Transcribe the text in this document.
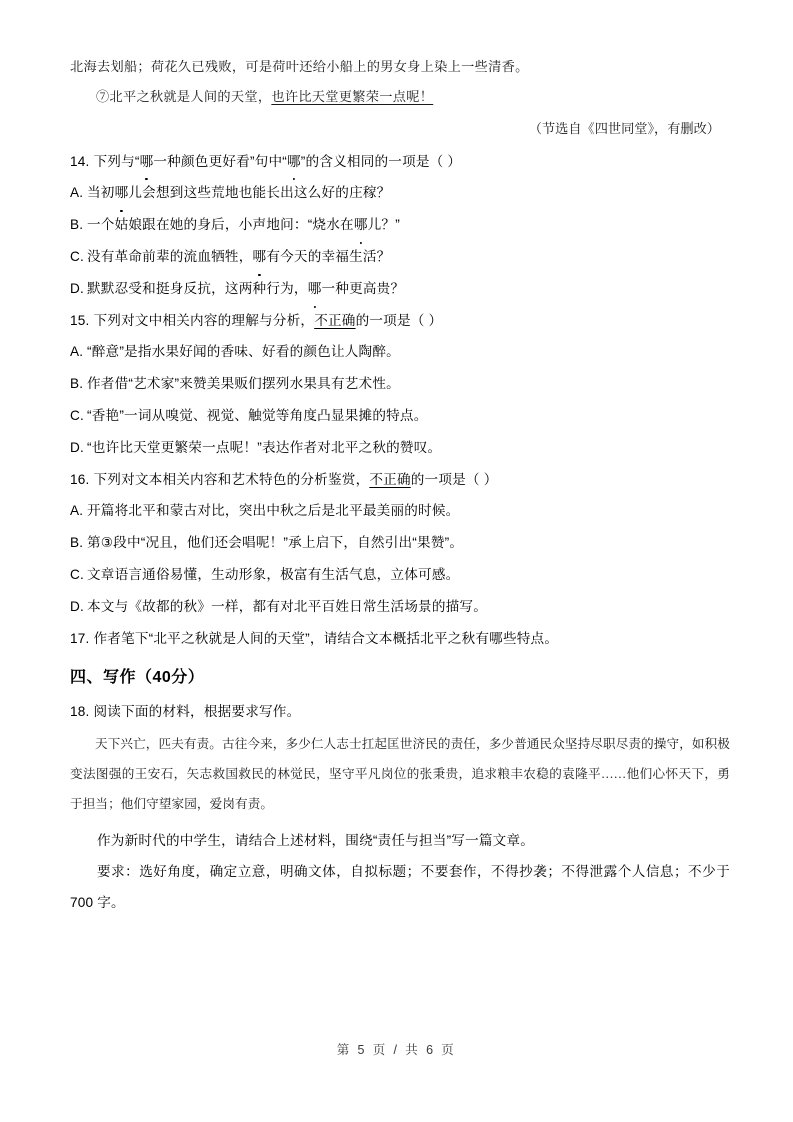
北海去划船；荷花久已残败，可是荷叶还给小船上的男女身上染上一些清香。
⑦北平之秋就是人间的天堂，也许比天堂更繁荣一点呢！
（节选自《四世同堂》，有删改）
14. 下列与“哪一种颜色更好看”句中“哪”的含义相同的一项是（ ）
A. 当初哪儿会想到这些荒地也能长出这么好的庄稼？
B. 一个姑娘跟在她的身后，小声地问：“烧水在哪儿？”
C. 没有革命前辈的流血牺牲，哪有今天的幸福生活？
D. 默默忍受和挺身反抗，这两种行为，哪一种更高贵？
15. 下列对文中相关内容的理解与分析，不正确的一项是（ ）
A. “醉意”是指水果好闻的香味、好看的颜色让人陶醉。
B. 作者借“艺术家”来赞美果贩们摆列水果具有艺术性。
C. “香艳”一词从嗅觉、视觉、触觉等角度凸显果摊的特点。
D. “也许比天堂更繁荣一点呢！”表达作者对北平之秋的赞叹。
16. 下列对文本相关内容和艺术特色的分析鉴赏，不正确的一项是（ ）
A. 开篇将北平和蒙古对比，突出中秋之后是北平最美丽的时候。
B. 第③段中“况且，他们还会唱呢！”承上启下，自然引出“果赞”。
C. 文章语言通俗易懂，生动形象，极富有生活气息，立体可感。
D. 本文与《故都的秋》一样，都有对北平百姓日常生活场景的描写。
17. 作者笔下“北平之秋就是人间的天堂”，请结合文本概括北平之秋有哪些特点。
四、写作（40分）
18. 阅读下面的材料，根据要求写作。
天下兴亡，匹夫有责。古往今来，多少仁人志士扛起匡世济民的责任，多少普通民众坚持尽职尽责的操守，如积极变法图强的王安石，矢志救国救民的林觉民，坚守平凡岗位的张秉贵，追求粮丰农稳的袁隆平……他们心怀天下，勇于担当；他们守望家园，爱岗有责。
作为新时代的中学生，请结合上述材料，围绕“责任与担当”写一篇文章。
要求：选好角度，确定立意，明确文体，自拟标题；不要套作，不得抄袭；不得泄露个人信息；不少于 700 字。
第 5 页 / 共 6 页
